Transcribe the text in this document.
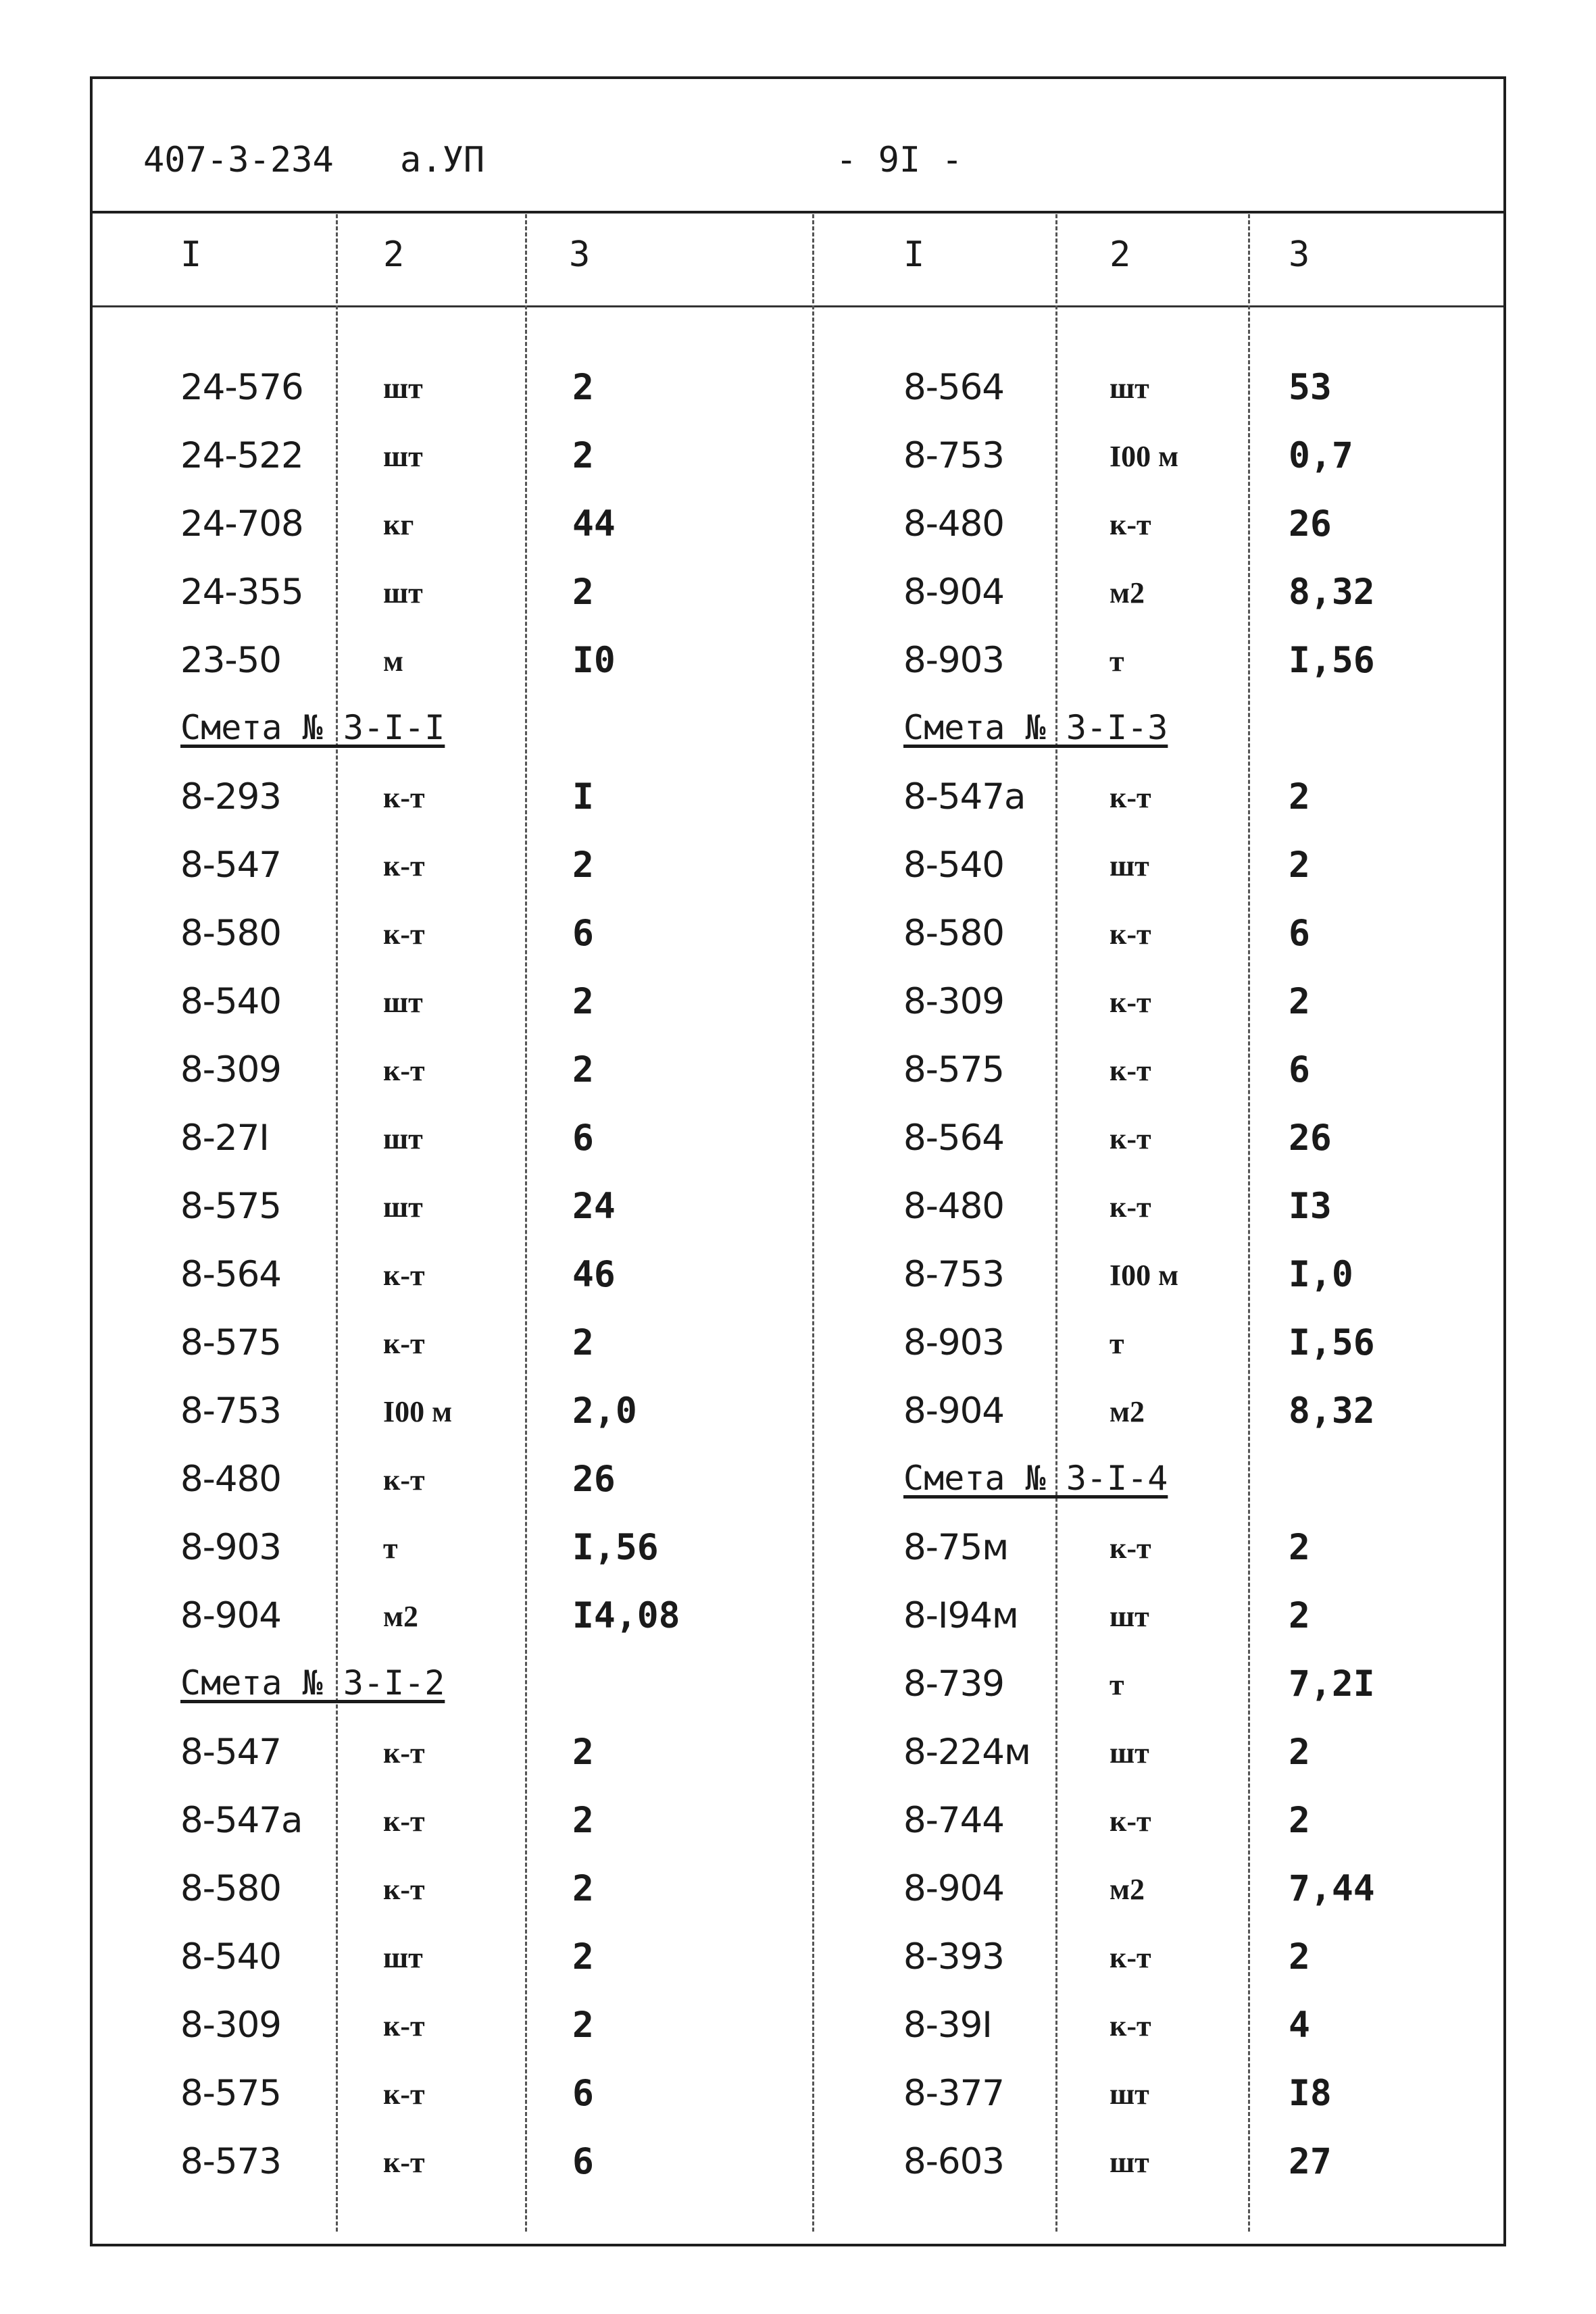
407-3-234 а.УП	- 9I -
I	2	3	I	2	3
24-576	шт	2
24-522	шт	2
24-708	кг	44
24-355	шт	2
23-50	м	I0
Смета № 3-I-I
8-293	к-т	I
8-547	к-т	2
8-580	к-т	6
8-540	шт	2
8-309	к-т	2
8-27I	шт	6
8-575	шт	24
8-564	к-т	46
8-575	к-т	2
8-753	I00 м	2,0
8-480	к-т	26
8-903	т	I,56
8-904	м2	I4,08
Смета № 3-I-2
8-547	к-т	2
8-547а	к-т	2
8-580	к-т	2
8-540	шт	2
8-309	к-т	2
8-575	к-т	6
8-573	к-т	6
8-564	шт	53
8-753	I00 м	0,7
8-480	к-т	26
8-904	м2	8,32
8-903	т	I,56
Смета № 3-I-3
8-547а	к-т	2
8-540	шт	2
8-580	к-т	6
8-309	к-т	2
8-575	к-т	6
8-564	к-т	26
8-480	к-т	I3
8-753	I00 м	I,0
8-903	т	I,56
8-904	м2	8,32
Смета № 3-I-4
8-75м	к-т	2
8-I94м	шт	2
8-739	т	7,2I
8-224м	шт	2
8-744	к-т	2
8-904	м2	7,44
8-393	к-т	2
8-39I	к-т	4
8-377	шт	I8
8-603	шт	27
